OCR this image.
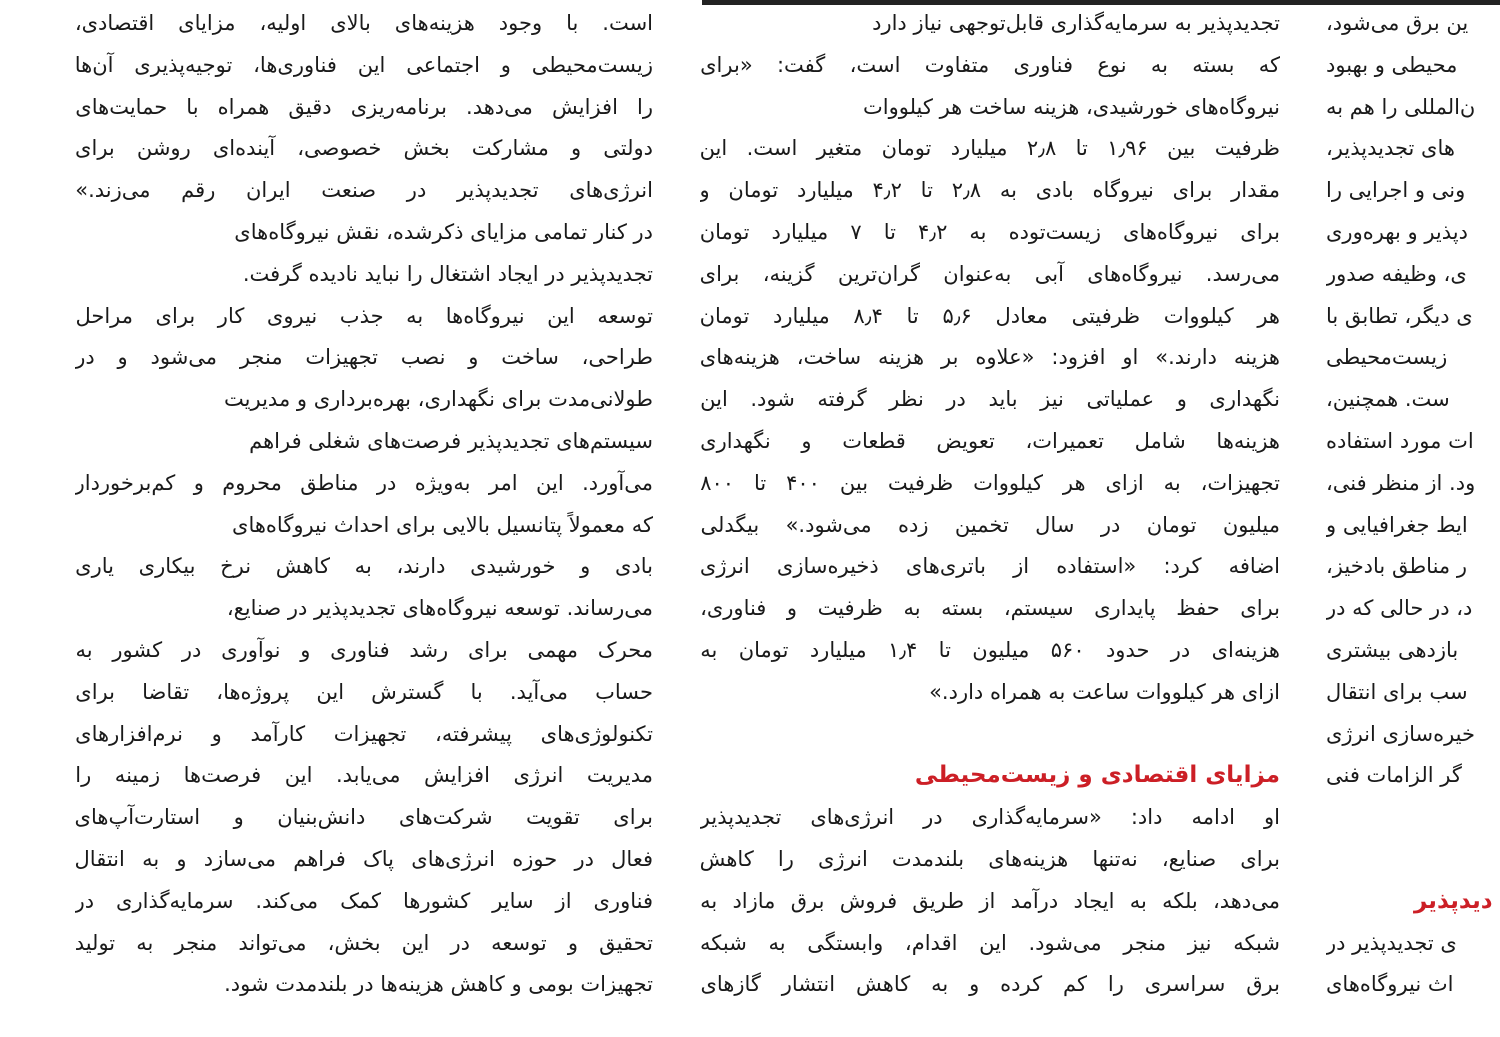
است. با وجود هزینه‌های بالای اولیه، مزایای اقتصادی،
زیست‌محیطی و اجتماعی این فناوری‌ها، توجیه‌پذیری آن‌ها
را افزایش می‌دهد. برنامه‌ریزی دقیق همراه با حمایت‌های
دولتی و مشارکت بخش خصوصی، آینده‌ای روشن برای
انرژی‌های تجدیدپذیر در صنعت ایران رقم می‌زند.»
در کنار تمامی مزایای ذکرشده، نقش نیروگاه‌های
تجدیدپذیر در ایجاد اشتغال را نباید نادیده گرفت.
توسعه این نیروگاه‌ها به جذب نیروی کار برای مراحل
طراحی، ساخت و نصب تجهیزات منجر می‌شود و در
طولانی‌مدت برای نگهداری، بهره‌برداری و مدیریت
سیستم‌های تجدیدپذیر فرصت‌های شغلی فراهم
می‌آورد. این امر به‌ویژه در مناطق محروم و کم‌برخوردار
که معمولاً پتانسیل بالایی برای احداث نیروگاه‌های
بادی و خورشیدی دارند، به کاهش نرخ بیکاری یاری
می‌رساند. توسعه نیروگاه‌های تجدیدپذیر در صنایع،
محرک مهمی برای رشد فناوری و نوآوری در کشور به
حساب می‌آید. با گسترش این پروژه‌ها، تقاضا برای
تکنولوژی‌های پیشرفته، تجهیزات کارآمد و نرم‌افزارهای
مدیریت انرژی افزایش می‌یابد. این فرصت‌ها زمینه را
برای تقویت شرکت‌های دانش‌بنیان و استارت‌آپ‌های
فعال در حوزه انرژی‌های پاک فراهم می‌سازد و به انتقال
فناوری از سایر کشورها کمک می‌کند. سرمایه‌گذاری در
تحقیق و توسعه در این بخش، می‌تواند منجر به تولید
تجهیزات بومی و کاهش هزینه‌ها در بلندمدت شود.
تجدیدپذیر به سرمایه‌گذاری قابل‌توجهی نیاز دارد
که بسته به نوع فناوری متفاوت است، گفت: «برای
نیروگاه‌های خورشیدی، هزینه ساخت هر کیلووات
ظرفیت بین ۱٫۹۶ تا ۲٫۸ میلیارد تومان متغیر است. این
مقدار برای نیروگاه بادی به ۲٫۸ تا ۴٫۲ میلیارد تومان و
برای نیروگاه‌های زیست‌توده به ۴٫۲ تا ۷ میلیارد تومان
می‌رسد. نیروگاه‌های آبی به‌عنوان گران‌ترین گزینه، برای
هر کیلووات ظرفیتی معادل ۵٫۶ تا ۸٫۴ میلیارد تومان
هزینه دارند.» او افزود: «علاوه بر هزینه ساخت، هزینه‌های
نگهداری و عملیاتی نیز باید در نظر گرفته شود. این
هزینه‌ها شامل تعمیرات، تعویض قطعات و نگهداری
تجهیزات، به ازای هر کیلووات ظرفیت بین ۴۰۰ تا ۸۰۰
میلیون تومان در سال تخمین زده می‌شود.» بیگدلی
اضافه کرد: «استفاده از باتری‌های ذخیره‌سازی انرژی
برای حفظ پایداری سیستم، بسته به ظرفیت و فناوری،
هزینه‌ای در حدود ۵۶۰ میلیون تا ۱٫۴ میلیارد تومان به
ازای هر کیلووات ساعت به همراه دارد.»
مزایای اقتصادی و زیست‌محیطی
او ادامه داد: «سرمایه‌گذاری در انرژی‌های تجدیدپذیر
برای صنایع، نه‌تنها هزینه‌های بلندمدت انرژی را کاهش
می‌دهد، بلکه به ایجاد درآمد از طریق فروش برق مازاد به
شبکه نیز منجر می‌شود. این اقدام، وابستگی به شبکه
برق سراسری را کم کرده و به کاهش انتشار گازهای
ین برق می‌شود،
محیطی و بهبود
ن‌المللی را هم به
های تجدیدپذیر،
ونی و اجرایی را
دپذیر و بهره‌وری
ی، وظیفه صدور
ی دیگر، تطابق با
زیست‌محیطی
ست. همچنین،
ات مورد استفاده
ود. از منظر فنی،
ایط جغرافیایی و
ر مناطق بادخیز،
د، در حالی که در
بازدهی بیشتری
سب برای انتقال
خیره‌سازی انرژی
گر الزامات فنی
دیدپذیر
ی تجدیدپذیر در
اث نیروگاه‌های
